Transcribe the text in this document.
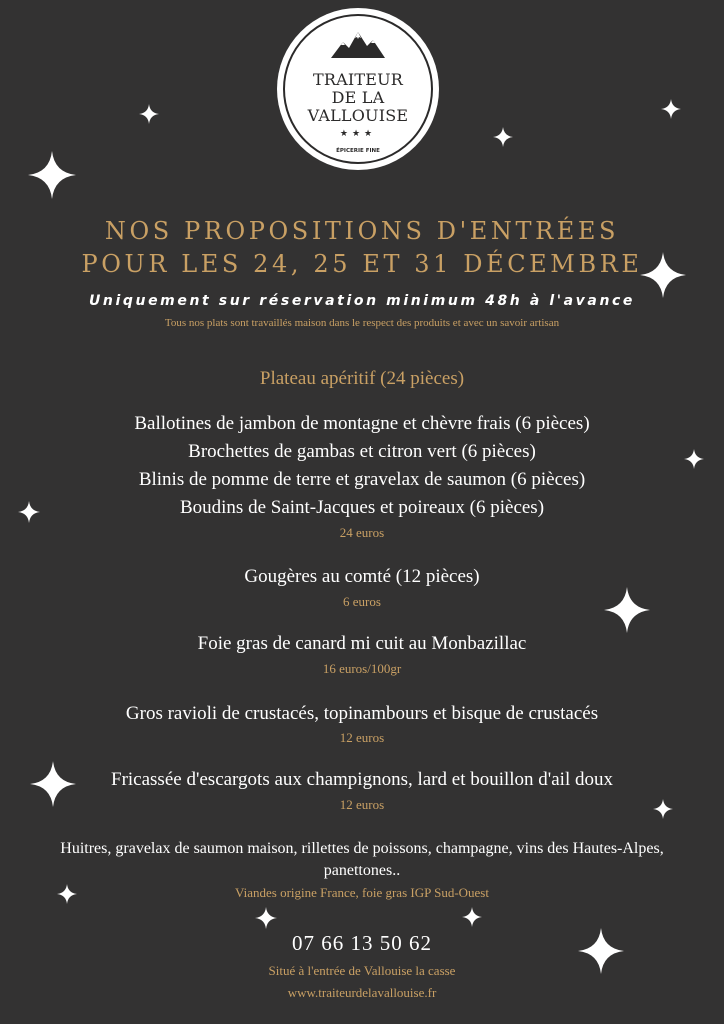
TRAITEUR
DE LA
VALLOUISE
★★★
ÉPICERIE FINE
NOS PROPOSITIONS D'ENTRÉES
POUR LES 24, 25 ET 31 DÉCEMBRE
Uniquement sur réservation minimum 48h à l'avance
Tous nos plats sont travaillés maison dans le respect des produits et avec un savoir artisan
Plateau apéritif (24 pièces)
Ballotines de jambon de montagne et chèvre frais (6 pièces)
Brochettes de gambas et citron vert (6 pièces)
Blinis de pomme de terre et gravelax de saumon (6 pièces)
Boudins de Saint-Jacques et poireaux (6 pièces)
24 euros
Gougères au comté (12 pièces)
6 euros
Foie gras de canard mi cuit au Monbazillac
16 euros/100gr
Gros ravioli de crustacés, topinambours et bisque de crustacés
12 euros
Fricassée d'escargots aux champignons, lard et bouillon d'ail doux
12 euros
Huitres, gravelax de saumon maison, rillettes de poissons, champagne, vins des Hautes-Alpes, panettones..
Viandes origine France, foie gras IGP Sud-Ouest
07 66 13 50 62
Situé à l'entrée de Vallouise la casse
www.traiteurdelavallouise.fr
